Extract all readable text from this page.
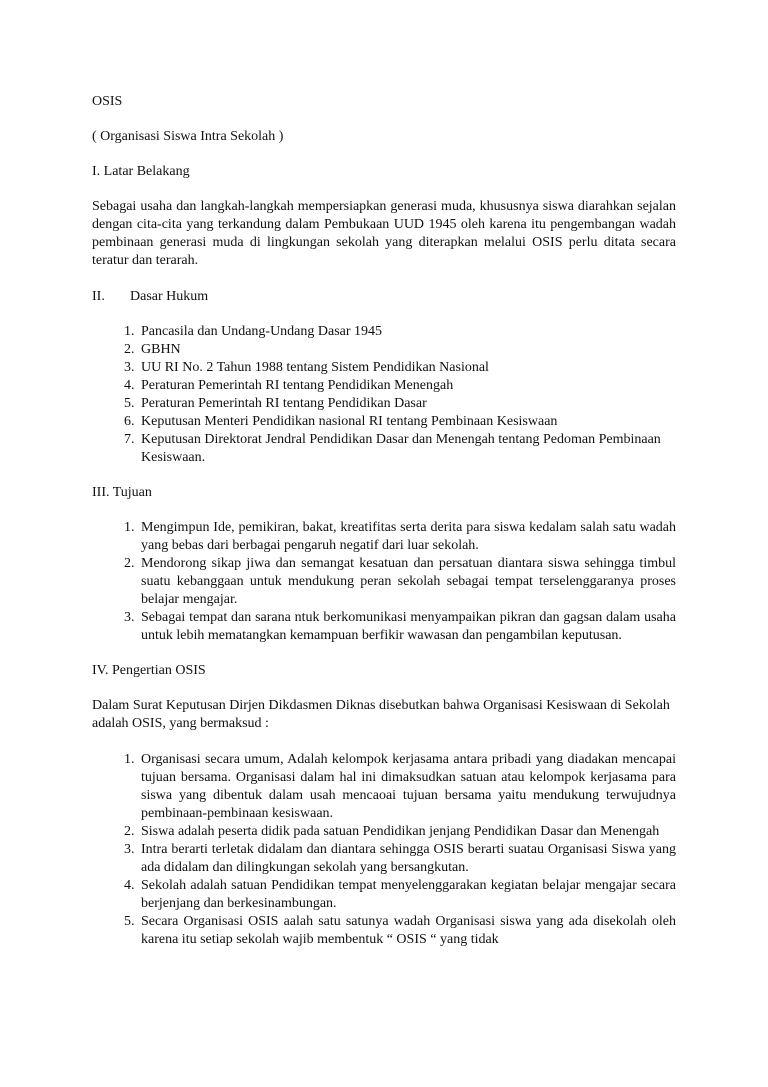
OSIS

( Organisasi Siswa Intra Sekolah )

I. Latar Belakang

Sebagai usaha dan langkah-langkah mempersiapkan generasi muda, khususnya siswa diarahkan sejalan dengan cita-cita yang terkandung dalam Pembukaan UUD 1945 oleh karena itu pengembangan wadah pembinaan generasi muda di lingkungan sekolah yang diterapkan melalui OSIS perlu ditata secara teratur dan terarah.

II. Dasar Hukum

1. Pancasila dan Undang-Undang Dasar 1945
2. GBHN
3. UU RI No. 2 Tahun 1988 tentang Sistem Pendidikan Nasional
4. Peraturan Pemerintah RI tentang Pendidikan Menengah
5. Peraturan Pemerintah RI tentang Pendidikan Dasar
6. Keputusan Menteri Pendidikan nasional RI tentang Pembinaan Kesiswaan
7. Keputusan Direktorat Jendral Pendidikan Dasar dan Menengah tentang Pedoman Pembinaan Kesiswaan.

III. Tujuan

1. Mengimpun Ide, pemikiran, bakat, kreatifitas serta derita para siswa kedalam salah satu wadah yang bebas dari berbagai pengaruh negatif dari luar sekolah.
2. Mendorong sikap jiwa dan semangat kesatuan dan persatuan diantara siswa sehingga timbul suatu kebanggaan untuk mendukung peran sekolah sebagai tempat terselenggaranya proses belajar mengajar.
3. Sebagai tempat dan sarana ntuk berkomunikasi menyampaikan pikran dan gagsan dalam usaha untuk lebih mematangkan kemampuan berfikir wawasan dan pengambilan keputusan.

IV. Pengertian OSIS

Dalam Surat Keputusan Dirjen Dikdasmen Diknas disebutkan bahwa Organisasi Kesiswaan di Sekolah adalah OSIS, yang bermaksud :

1. Organisasi secara umum, Adalah kelompok kerjasama antara pribadi yang diadakan mencapai tujuan bersama. Organisasi dalam hal ini dimaksudkan satuan atau kelompok kerjasama para siswa yang dibentuk dalam usah mencaoai tujuan bersama yaitu mendukung terwujudnya pembinaan-pembinaan kesiswaan.
2. Siswa adalah peserta didik pada satuan Pendidikan jenjang Pendidikan Dasar dan Menengah
3. Intra berarti terletak didalam dan diantara sehingga OSIS berarti suatau Organisasi Siswa yang ada didalam dan dilingkungan sekolah yang bersangkutan.
4. Sekolah adalah satuan Pendidikan tempat menyelenggarakan kegiatan belajar mengajar secara berjenjang dan berkesinambungan.
5. Secara Organisasi OSIS aalah satu satunya wadah Organisasi siswa yang ada disekolah oleh karena itu setiap sekolah wajib membentuk “ OSIS “ yang tidak
